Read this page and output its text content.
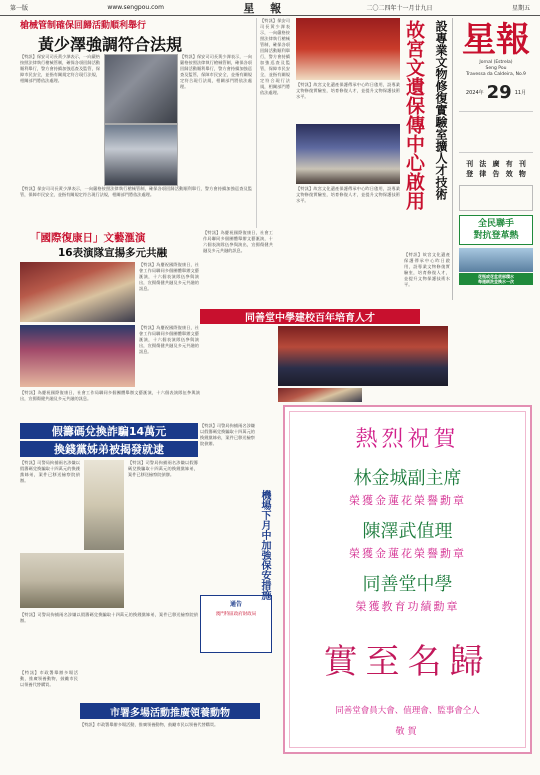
第一版	www.sengpou.com	星 報	二〇二四年十一月廿九日	星期五
槍械管制確保回歸活動順利舉行
黃少澤強調符合法規
【特訊】保安司司長黃少澤表示，一向嚴格按照法律執行槍械管制，確保各項回歸活動順利舉行，警方會持續加強巡查及監管，保障市民安全，並指有關規定符合現行法規，相關部門將依法處理。
【特訊】保安司司長黃少澤表示，一向嚴格按照法律執行槍械管制，確保各項回歸活動順利舉行，警方會持續加強巡查及監管，保障市民安全，並指有關規定符合現行法規，相關部門將依法處理。
【特訊】保安司司長黃少澤表示，一向嚴格按照法律執行槍械管制，確保各項回歸活動順利舉行，警方會持續加強巡查及監管，保障市民安全，並指有關規定符合現行法規，相關部門將依法處理。
【特訊】保安司司長黃少澤表示，一向嚴格按照法律執行槍械管制，確保各項回歸活動順利舉行，警方會持續加強巡查及監管，保障市民安全，並指有關規定符合現行法規，相關部門將依法處理。
「國際復康日」文藝滙演
16表演隊宣揚多元共融
【特訊】為慶祝國際復康日，社會工作局聯同多個團體舉辦文藝滙演，十六個表演隊伍參與演出，宣揚傷健共融及多元共融的訊息。
【特訊】為慶祝國際復康日，社會工作局聯同多個團體舉辦文藝滙演，十六個表演隊伍參與演出，宣揚傷健共融及多元共融的訊息。
【特訊】為慶祝國際復康日，社會工作局聯同多個團體舉辦文藝滙演，十六個表演隊伍參與演出，宣揚傷健共融及多元共融的訊息。
【特訊】為慶祝國際復康日，社會工作局聯同多個團體舉辦文藝滙演，十六個表演隊伍參與演出，宣揚傷健共融及多元共融的訊息。
假籌碼兌換詐騙14萬元
換錢黨姊弟被揭發就逮
【特訊】司警局拘捕兩名涉嫌以假籌碼兌換騙取十四萬元的換錢黨姊弟，案件已移送檢察院偵辦。
【特訊】司警局拘捕兩名涉嫌以假籌碼兌換騙取十四萬元的換錢黨姊弟，案件已移送檢察院偵辦。
【特訊】司警局拘捕兩名涉嫌以假籌碼兌換騙取十四萬元的換錢黨姊弟，案件已移送檢察院偵辦。
通告
澳門特區政府財政局
【特訊】司警局拘捕兩名涉嫌以假籌碼兌換騙取十四萬元的換錢黨姊弟，案件已移送檢察院偵辦。
機場下月中加強保安措施
市署多場活動推廣領養動物
【特訊】市政署舉辦多場活動，推廣領養動物，鼓勵市民以領養代替購買。
【特訊】市政署舉辦多場活動，推廣領養動物，鼓勵市民以領養代替購買。
設專業文物修復實驗室擴人才技術
故宮文遺保傳中心啟用
【特訊】故宮文化遺產保護傳承中心昨日啟用，設專業文物修復實驗室，培育修復人才，並提升文物保護技術水平。
【特訊】故宮文化遺產保護傳承中心昨日啟用，設專業文物修復實驗室，培育修復人才，並提升文物保護技術水平。
【特訊】故宮文化遺產保護傳承中心昨日啟用，設專業文物修復實驗室，培育修復人才，並提升文物保護技術水平。
同善堂中學建校百年培育人才
星報
Jornal (Estrela)
Seng Pou
Travessa da Caldeira, No.9
2024年 29 11月
刊 法 廣 有 刊
登 律 告 效 物
全民聯手
對抗登革熱
花瓶或花盆底部積水
每週刷洗並換水一次
熱烈祝賀
林金城副主席
榮獲金蓮花榮譽勳章
陳澤武值理
榮獲金蓮花榮譽勳章
同善堂中學
榮獲教育功績勳章
實至名歸
同善堂會員大會、值理會、監事會仝人
敬賀
